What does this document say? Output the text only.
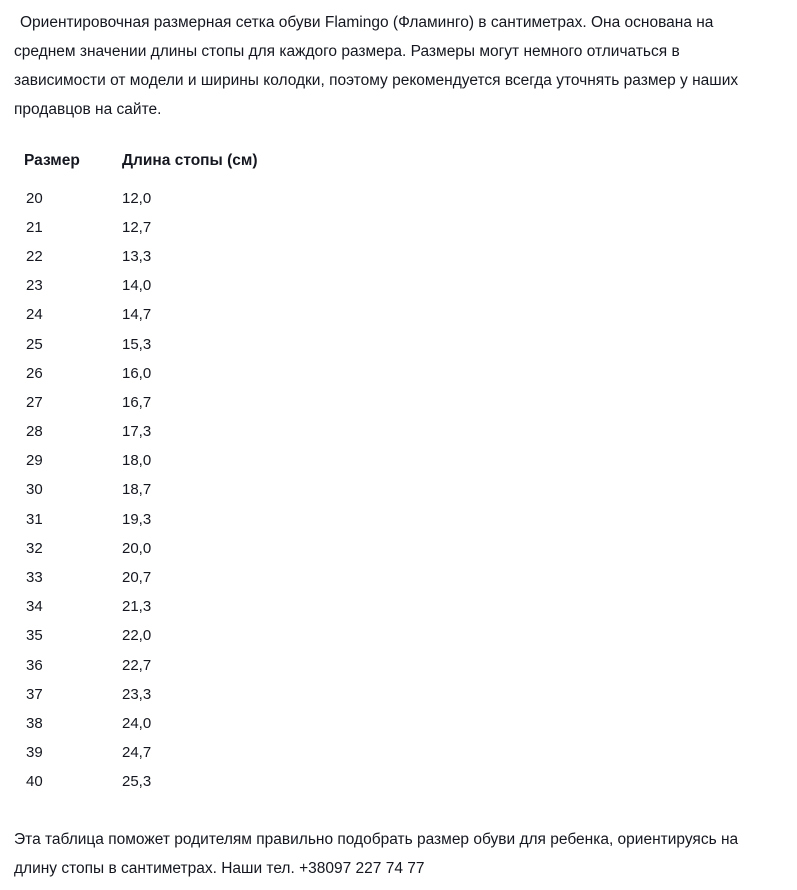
Ориентировочная размерная сетка обуви Flamingo (Фламинго) в сантиметрах. Она основана на среднем значении длины стопы для каждого размера. Размеры могут немного отличаться в зависимости от модели и ширины колодки, поэтому рекомендуется всегда уточнять размер у наших продавцов на сайте.

Размер	Длина стопы (см)
20	12,0
21	12,7
22	13,3
23	14,0
24	14,7
25	15,3
26	16,0
27	16,7
28	17,3
29	18,0
30	18,7
31	19,3
32	20,0
33	20,7
34	21,3
35	22,0
36	22,7
37	23,3
38	24,0
39	24,7
40	25,3

Эта таблица поможет родителям правильно подобрать размер обуви для ребенка, ориентируясь на длину стопы в сантиметрах. Наши тел. +38097 227 74 77
